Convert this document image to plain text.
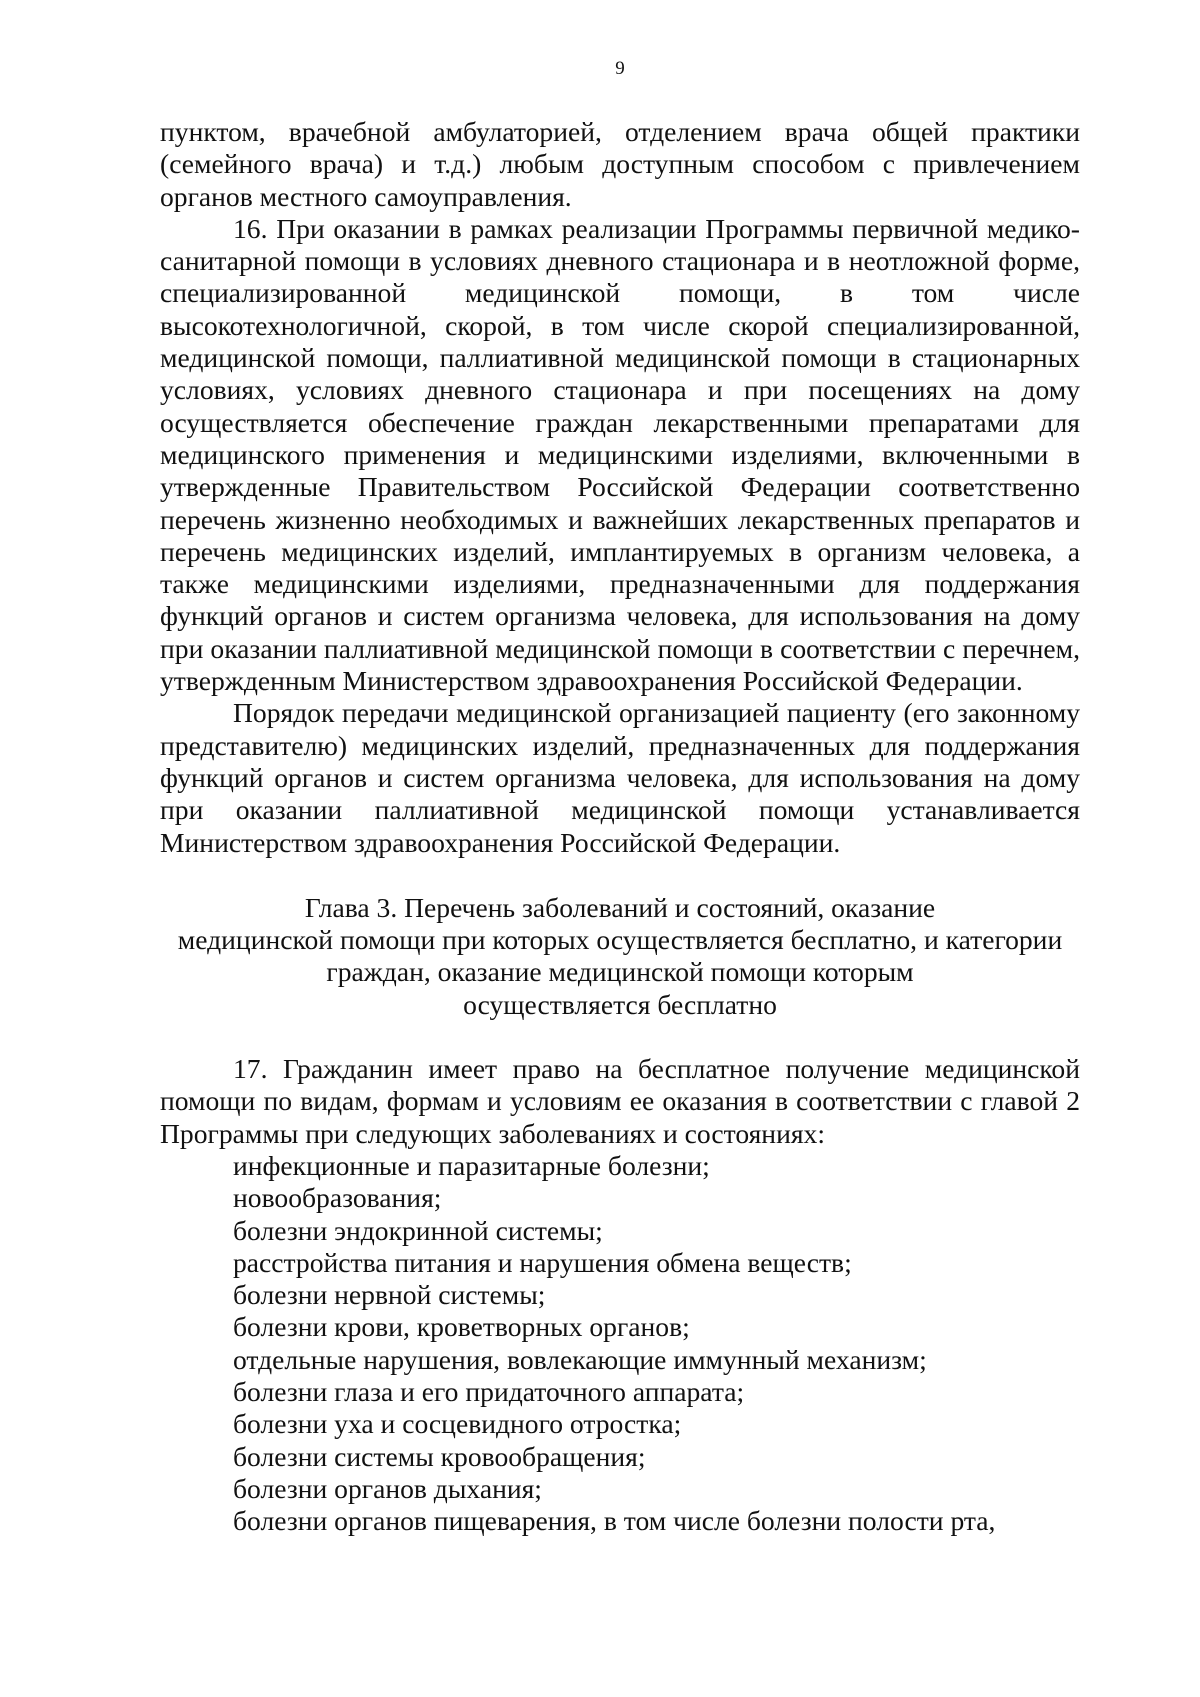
9

пунктом, врачебной амбулаторией, отделением врача общей практики (семейного врача) и т.д.) любым доступным способом с привлечением органов местного самоуправления.

16. При оказании в рамках реализации Программы первичной медико-санитарной помощи в условиях дневного стационара и в неотложной форме, специализированной медицинской помощи, в том числе высокотехнологичной, скорой, в том числе скорой специализированной, медицинской помощи, паллиативной медицинской помощи в стационарных условиях, условиях дневного стационара и при посещениях на дому осуществляется обеспечение граждан лекарственными препаратами для медицинского применения и медицинскими изделиями, включенными в утвержденные Правительством Российской Федерации соответственно перечень жизненно необходимых и важнейших лекарственных препаратов и перечень медицинских изделий, имплантируемых в организм человека, а также медицинскими изделиями, предназначенными для поддержания функций органов и систем организма человека, для использования на дому при оказании паллиативной медицинской помощи в соответствии с перечнем, утвержденным Министерством здравоохранения Российской Федерации.

Порядок передачи медицинской организацией пациенту (его законному представителю) медицинских изделий, предназначенных для поддержания функций органов и систем организма человека, для использования на дому при оказании паллиативной медицинской помощи устанавливается Министерством здравоохранения Российской Федерации.

Глава 3. Перечень заболеваний и состояний, оказание
медицинской помощи при которых осуществляется бесплатно, и категории
граждан, оказание медицинской помощи которым
осуществляется бесплатно

17. Гражданин имеет право на бесплатное получение медицинской помощи по видам, формам и условиям ее оказания в соответствии с главой 2 Программы при следующих заболеваниях и состояниях:

инфекционные и паразитарные болезни;

новообразования;

болезни эндокринной системы;

расстройства питания и нарушения обмена веществ;

болезни нервной системы;

болезни крови, кроветворных органов;

отдельные нарушения, вовлекающие иммунный механизм;

болезни глаза и его придаточного аппарата;

болезни уха и сосцевидного отростка;

болезни системы кровообращения;

болезни органов дыхания;

болезни органов пищеварения, в том числе болезни полости рта,
